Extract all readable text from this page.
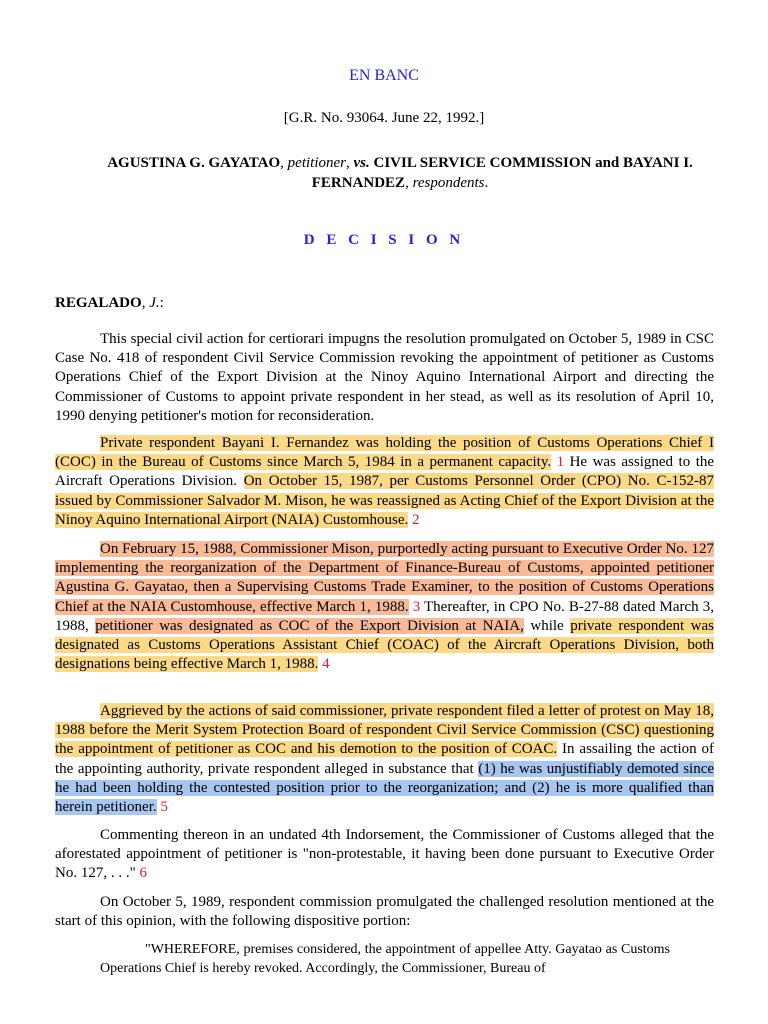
EN BANC
[G.R. No. 93064. June 22, 1992.]
AGUSTINA G. GAYATAO, petitioner, vs. CIVIL SERVICE COMMISSION and BAYANI I. FERNANDEZ, respondents.
D E C I S I O N
REGALADO, J.:
This special civil action for certiorari impugns the resolution promulgated on October 5, 1989 in CSC Case No. 418 of respondent Civil Service Commission revoking the appointment of petitioner as Customs Operations Chief of the Export Division at the Ninoy Aquino International Airport and directing the Commissioner of Customs to appoint private respondent in her stead, as well as its resolution of April 10, 1990 denying petitioner's motion for reconsideration.
Private respondent Bayani I. Fernandez was holding the position of Customs Operations Chief I (COC) in the Bureau of Customs since March 5, 1984 in a permanent capacity. 1 He was assigned to the Aircraft Operations Division. On October 15, 1987, per Customs Personnel Order (CPO) No. C-152-87 issued by Commissioner Salvador M. Mison, he was reassigned as Acting Chief of the Export Division at the Ninoy Aquino International Airport (NAIA) Customhouse. 2
On February 15, 1988, Commissioner Mison, purportedly acting pursuant to Executive Order No. 127 implementing the reorganization of the Department of Finance-Bureau of Customs, appointed petitioner Agustina G. Gayatao, then a Supervising Customs Trade Examiner, to the position of Customs Operations Chief at the NAIA Customhouse, effective March 1, 1988. 3 Thereafter, in CPO No. B-27-88 dated March 3, 1988, petitioner was designated as COC of the Export Division at NAIA, while private respondent was designated as Customs Operations Assistant Chief (COAC) of the Aircraft Operations Division, both designations being effective March 1, 1988. 4
Aggrieved by the actions of said commissioner, private respondent filed a letter of protest on May 18, 1988 before the Merit System Protection Board of respondent Civil Service Commission (CSC) questioning the appointment of petitioner as COC and his demotion to the position of COAC. In assailing the action of the appointing authority, private respondent alleged in substance that (1) he was unjustifiably demoted since he had been holding the contested position prior to the reorganization; and (2) he is more qualified than herein petitioner. 5
Commenting thereon in an undated 4th Indorsement, the Commissioner of Customs alleged that the aforestated appointment of petitioner is "non-protestable, it having been done pursuant to Executive Order No. 127, . . ." 6
On October 5, 1989, respondent commission promulgated the challenged resolution mentioned at the start of this opinion, with the following dispositive portion:
"WHEREFORE, premises considered, the appointment of appellee Atty. Gayatao as Customs Operations Chief is hereby revoked. Accordingly, the Commissioner, Bureau of
